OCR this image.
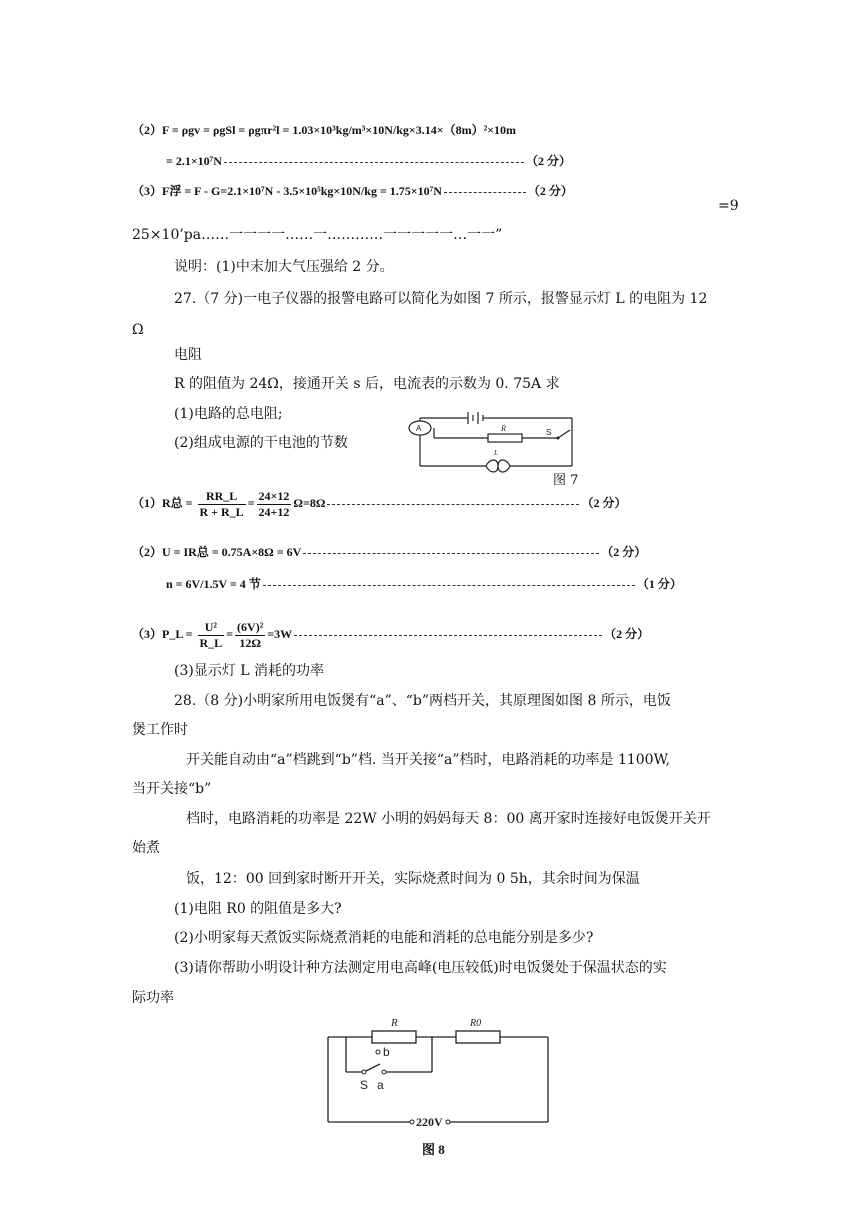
（2）F = ρgv = ρgSl = ρgπr²l = 1.03×10³kg/m³×10N/kg×3.14×（8m）²×10m
= 2.1×10⁷N	（2 分）
（3）F浮 = F - G=2.1×10⁷N - 3.5×10⁵kg×10N/kg = 1.75×10⁷N	（2 分）
=9
25×10’pa……一一一一……一…………一一一一一…一一”
说明：(1)中末加大气压强给 2 分。
27.（7 分)一电子仪器的报警电路可以简化为如图 7 所示，报警显示灯 L 的电阻为 12
Ω
电阻
R 的阻值为 24Ω，接通开关 s 后，电流表的示数为 0. 75A 求
(1)电路的总电阻;
(2)组成电源的干电池的节数
A	R	S
L
图 7
（1）R总 = $\frac{RR\_L}{R + R\_L} = \frac{24\times 12}{24+12} \Omega=8\Omega$	（2 分）
（2）U = IR总 = 0.75A×8Ω = 6V	（2 分）
n = 6V/1.5V = 4 节	（1 分）
（3）P_L = $\frac{\text{U²}}{R\_L} = \frac{\text{(6V)²}}{12\Omega} =3W$	（2 分）
(3)显示灯 L 消耗的功率
28.（8 分)小明家所用电饭煲有“a”、“b”两档开关，其原理图如图 8 所示，电饭
煲工作时
开关能自动由“a”档跳到“b”档. 当开关接“a”档时，电路消耗的功率是 1100W,
当开关接“b”
档时，电路消耗的功率是 22W 小明的妈妈每天 8：00 离开家时连接好电饭煲开关开
始煮
饭，12：00 回到家时断开开关，实际烧煮时间为 0 5h，其余时间为保温
(1)电阻 R0 的阻值是多大?
(2)小明家每天煮饭实际烧煮消耗的电能和消耗的总电能分别是多少?
(3)请你帮助小明设计种方法测定用电高峰(电压较低)时电饭煲处于保温状态的实
际功率
R	R0
b
S a
220V
图 8
